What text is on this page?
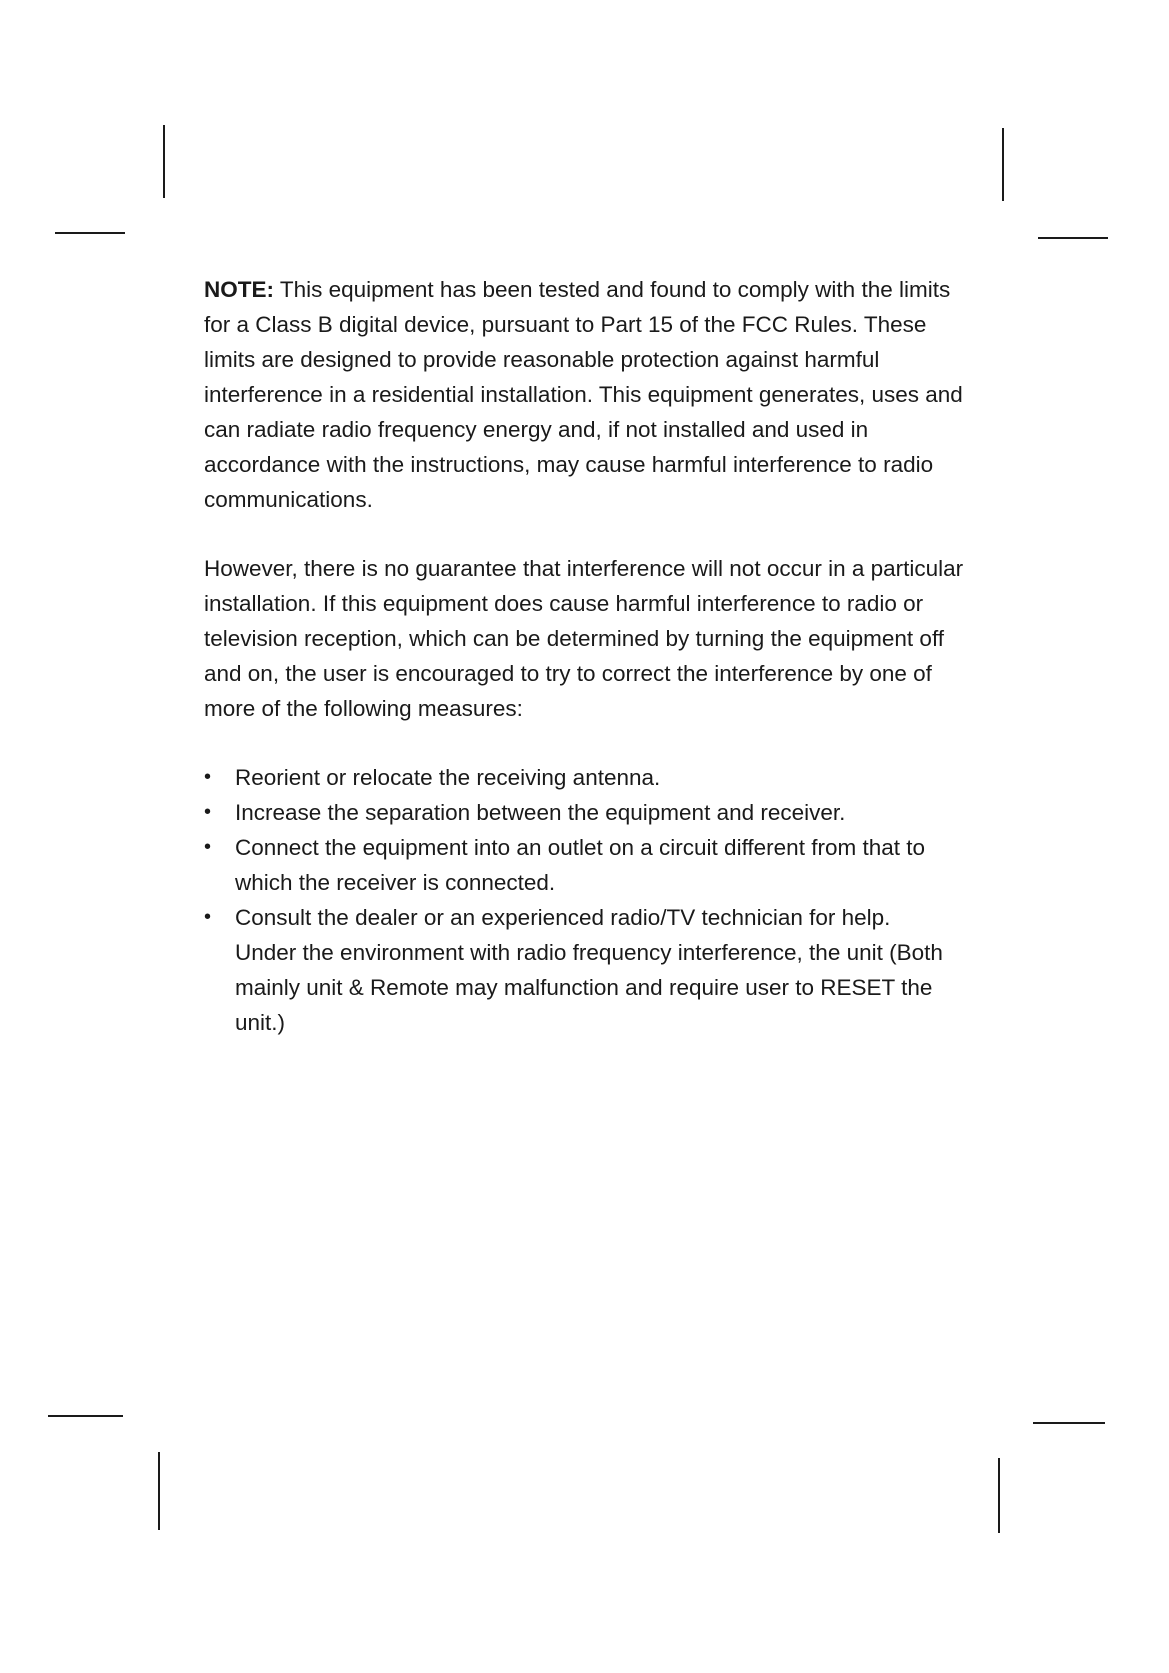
NOTE: This equipment has been tested and found to comply with the limits for a Class B digital device, pursuant to Part 15 of the FCC Rules. These limits are designed to provide reasonable protection against harmful interference in a residential installation. This equipment generates, uses and can radiate radio frequency energy and, if not installed and used in accordance with the instructions, may cause harmful interference to radio communications.

However, there is no guarantee that interference will not occur in a particular installation. If this equipment does cause harmful interference to radio or television reception, which can be determined by turning the equipment off and on, the user is encouraged to try to correct the interference by one of more of the following measures:

•	Reorient or relocate the receiving antenna.
•	Increase the separation between the equipment and receiver.
•	Connect the equipment into an outlet on a circuit different from that to which the receiver is connected.
•	Consult the dealer or an experienced radio/TV technician for help.
Under the environment with radio frequency interference, the unit (Both mainly unit & Remote may malfunction and require user to RESET the unit.)
